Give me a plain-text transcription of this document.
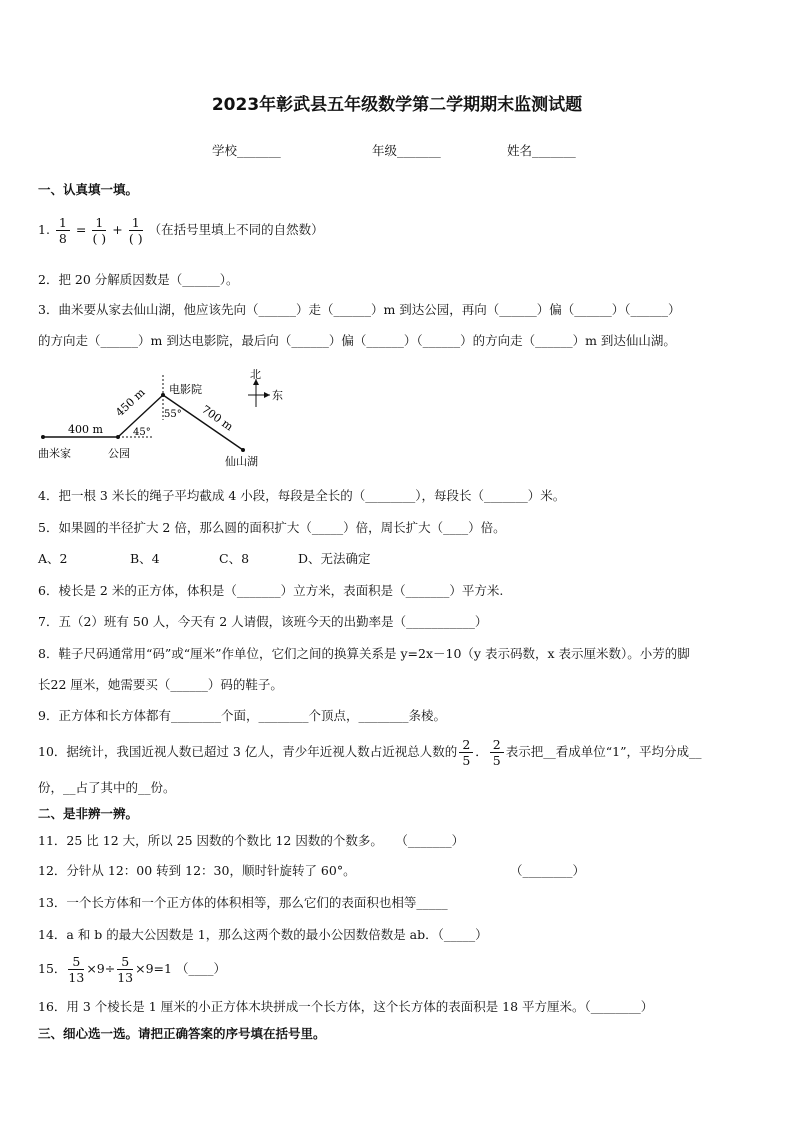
2023年彰武县五年级数学第二学期期末监测试题
学校_______	年级_______	姓名_______
一、认真填一填。
1. $\frac{1}{8} = \frac{1}{( )} + \frac{1}{( )}$ （在括号里填上不同的自然数）
2．把 20 分解质因数是（______）。
3．曲米要从家去仙山湖，他应该先向（______）走（______）m 到达公园，再向（______）偏（______）（______）
的方向走（______）m 到达电影院，最后向（______）偏（______）（______）的方向走（______）m 到达仙山湖。
400 m
450 m	700 m
45°
55°
曲米家	公园
电影院
仙山湖
北
东
4．把一根 3 米长的绳子平均截成 4 小段，每段是全长的（________），每段长（_______）米。
5．如果圆的半径扩大 2 倍，那么圆的面积扩大（_____）倍，周长扩大（____）倍。
A、2	B、4	C、8	D、无法确定
6．棱长是 2 米的正方体，体积是（_______）立方米，表面积是（_______）平方米.
7．五（2）班有 50 人，今天有 2 人请假，该班今天的出勤率是（___________）
8．鞋子尺码通常用“码”或“厘米”作单位，它们之间的换算关系是 y=2x－10（y 表示码数，x 表示厘米数）。小芳的脚
长22 厘米，她需要买（______）码的鞋子。
9．正方体和长方体都有________个面，________个顶点，________条棱。
10．据统计，我国近视人数已超过 3 亿人，青少年近视人数占近视总人数的 $\frac{2}{5}$ ． $\frac{2}{5}$ 表示把__看成单位“1”，平均分成__
份，__占了其中的__份。
二、是非辨一辨。
11．25 比 12 大，所以 25 因数的个数比 12 因数的个数多。　　（_______）
12．分针从 12：00 转到 12：30，顺时针旋转了 60°。	（________）
13．一个长方体和一个正方体的体积相等，那么它们的表面积也相等_____
14．a 和 b 的最大公因数是 1，那么这两个数的最小公因数倍数是 ab．（_____）
15． $\frac{5}{13} \times 9\div \frac{5}{13} \times 9=1$ （____）
16．用 3 个棱长是 1 厘米的小正方体木块拼成一个长方体，这个长方体的表面积是 18 平方厘米。（________）
三、细心选一选。请把正确答案的序号填在括号里。
